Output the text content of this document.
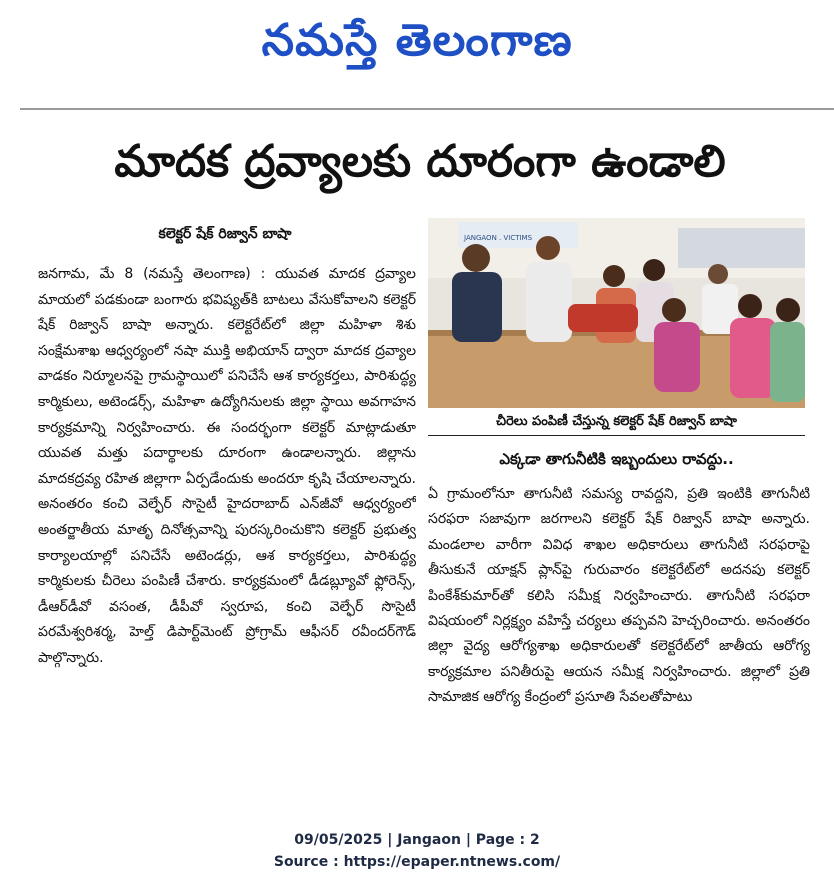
నమస్తే తెలంగాణ
మాదక ద్రవ్యాలకు దూరంగా ఉండాలి
కలెక్టర్ షేక్ రిజ్వాన్ బాషా
జనగామ, మే 8 (నమస్తే తెలంగాణ) : యువత మాదక ద్రవ్యాల మాయలో పడకుండా బంగారు భవిష్యత్‌కి బాటలు వేసుకోవాలని కలెక్టర్ షేక్ రిజ్వాన్ బాషా అన్నారు. కలెక్టరేట్‌లో జిల్లా మహిళా శిశు సంక్షేమశాఖ ఆధ్వర్యంలో నషా ముక్తి అభియాన్ ద్వారా మాదక ద్రవ్యాల వాడకం నిర్మూలనపై గ్రామస్థాయిలో పనిచేసే ఆశ కార్యకర్తలు, పారిశుద్ధ్య కార్మికులు, అటెండర్స్, మహిళా ఉద్యోగినులకు జిల్లా స్థాయి అవగాహన కార్యక్రమాన్ని నిర్వహించారు. ఈ సందర్భంగా కలెక్టర్ మాట్లాడుతూ యువత మత్తు పదార్థాలకు దూరంగా ఉండాలన్నారు. జిల్లాను మాదకద్రవ్య రహిత జిల్లాగా ఏర్పడేందుకు అందరూ కృషి చేయాలన్నారు. అనంతరం కంచి వెల్ఫేర్ సొసైటీ హైదరాబాద్ ఎన్‌జీవో ఆధ్వర్యంలో అంతర్జాతీయ మాతృ దినోత్సవాన్ని పురస్కరించుకొని కలెక్టర్ ప్రభుత్వ కార్యాలయాల్లో పనిచేసే అటెండర్లు, ఆశ కార్యకర్తలు, పారిశుద్ధ్య కార్మికులకు చీరెలు పంపిణీ చేశారు. కార్యక్రమంలో డీడబ్ల్యూవో ఫ్లోరెన్స్, డీఆర్‌డీవో వసంత, డీపీవో స్వరూప, కంచి వెల్ఫేర్ సొసైటీ పరమేశ్వరిశర్మ, హెల్త్ డిపార్ట్‌మెంట్ ప్రోగ్రామ్ ఆఫీసర్ రవీందర్‌గౌడ్ పాల్గొన్నారు.
JANGAON . VICTIMS
చీరెలు పంపిణీ చేస్తున్న కలెక్టర్ షేక్ రిజ్వాన్ బాషా
ఎక్కడా తాగునీటికి ఇబ్బందులు రావద్దు..
ఏ గ్రామంలోనూ తాగునీటి సమస్య రావద్దని, ప్రతి ఇంటికి తాగునీటి సరఫరా సజావుగా జరగాలని కలెక్టర్ షేక్ రిజ్వాన్ బాషా అన్నారు. మండలాల వారీగా వివిధ శాఖల అధికారులు తాగునీటి సరఫరాపై తీసుకునే యాక్షన్ ప్లాన్‌పై గురువారం కలెక్టరేట్‌లో అదనపు కలెక్టర్ పింకేశ్‌కుమార్‌తో కలిసి సమీక్ష నిర్వహించారు. తాగునీటి సరఫరా విషయంలో నిర్లక్ష్యం వహిస్తే చర్యలు తప్పవని హెచ్చరించారు. అనంతరం జిల్లా వైద్య ఆరోగ్యశాఖ అధికారులతో కలెక్టరేట్‌లో జాతీయ ఆరోగ్య కార్యక్రమాల పనితీరుపై ఆయన సమీక్ష నిర్వహించారు. జిల్లాలో ప్రతి సామాజిక ఆరోగ్య కేంద్రంలో ప్రసూతి సేవలతోపాటు
09/05/2025 | Jangaon | Page : 2
Source : https://epaper.ntnews.com/
